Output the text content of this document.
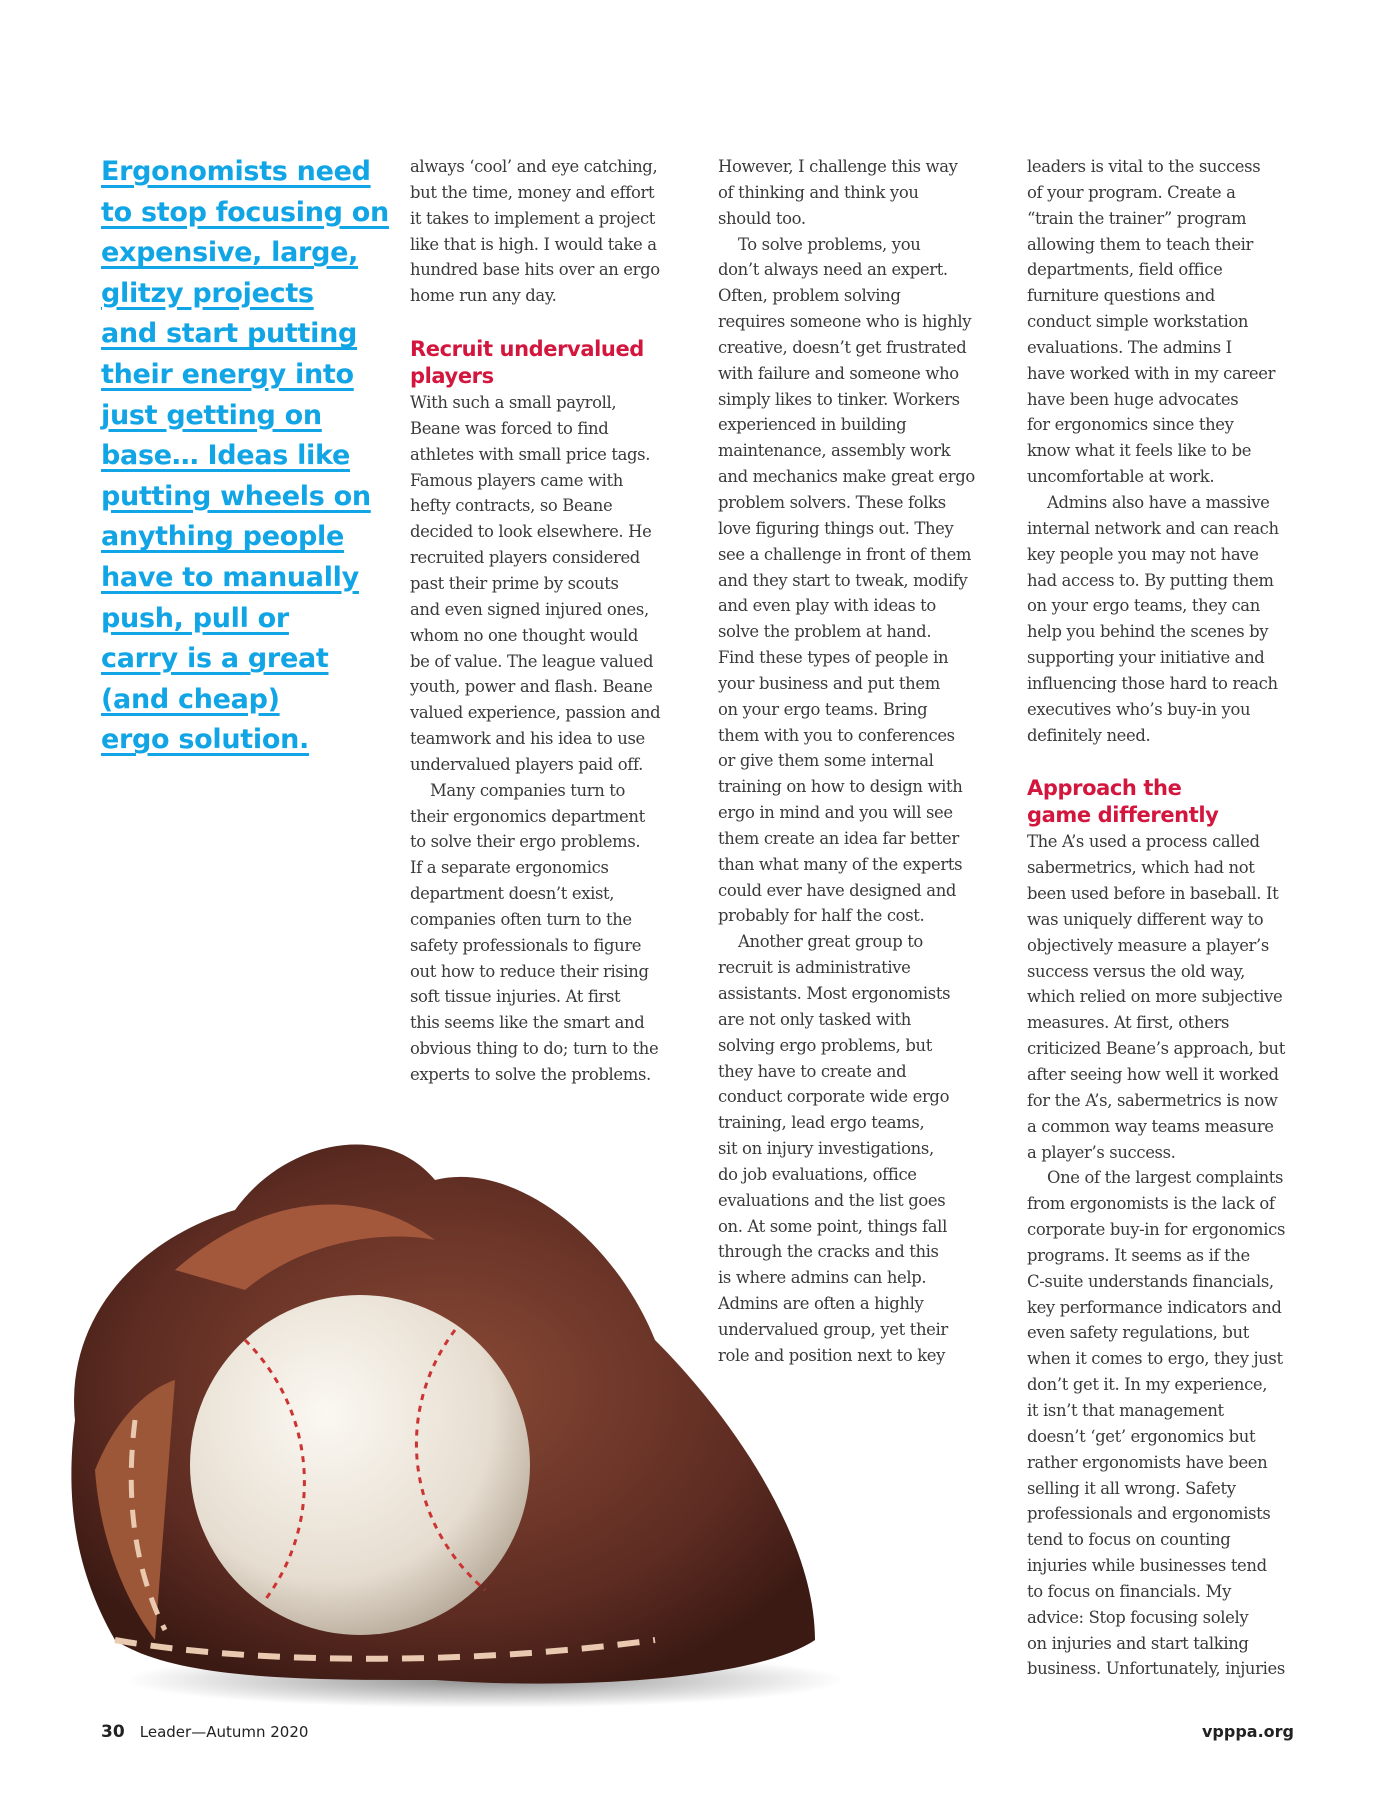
Ergonomists need
to stop focusing on
expensive, large,
glitzy projects
and start putting
their energy into
just getting on
base… Ideas like
putting wheels on
anything people
have to manually
push, pull or
carry is a great
(and cheap)
ergo solution.
always ‘cool’ and eye catching,
but the time, money and effort
it takes to implement a project
like that is high. I would take a
hundred base hits over an ergo
home run any day.
Recruit undervalued
players
With such a small payroll,
Beane was forced to find
athletes with small price tags.
Famous players came with
hefty contracts, so Beane
decided to look elsewhere. He
recruited players considered
past their prime by scouts
and even signed injured ones,
whom no one thought would
be of value. The league valued
youth, power and flash. Beane
valued experience, passion and
teamwork and his idea to use
undervalued players paid off.
Many companies turn to
their ergonomics department
to solve their ergo problems.
If a separate ergonomics
department doesn’t exist,
companies often turn to the
safety professionals to figure
out how to reduce their rising
soft tissue injuries. At first
this seems like the smart and
obvious thing to do; turn to the
experts to solve the problems.
However, I challenge this way
of thinking and think you
should too.
To solve problems, you
don’t always need an expert.
Often, problem solving
requires someone who is highly
creative, doesn’t get frustrated
with failure and someone who
simply likes to tinker. Workers
experienced in building
maintenance, assembly work
and mechanics make great ergo
problem solvers. These folks
love figuring things out. They
see a challenge in front of them
and they start to tweak, modify
and even play with ideas to
solve the problem at hand.
Find these types of people in
your business and put them
on your ergo teams. Bring
them with you to conferences
or give them some internal
training on how to design with
ergo in mind and you will see
them create an idea far better
than what many of the experts
could ever have designed and
probably for half the cost.
Another great group to
recruit is administrative
assistants. Most ergonomists
are not only tasked with
solving ergo problems, but
they have to create and
conduct corporate wide ergo
training, lead ergo teams,
sit on injury investigations,
do job evaluations, office
evaluations and the list goes
on. At some point, things fall
through the cracks and this
is where admins can help.
Admins are often a highly
undervalued group, yet their
role and position next to key
leaders is vital to the success
of your program. Create a
“train the trainer” program
allowing them to teach their
departments, field office
furniture questions and
conduct simple workstation
evaluations. The admins I
have worked with in my career
have been huge advocates
for ergonomics since they
know what it feels like to be
uncomfortable at work.
Admins also have a massive
internal network and can reach
key people you may not have
had access to. By putting them
on your ergo teams, they can
help you behind the scenes by
supporting your initiative and
influencing those hard to reach
executives who’s buy-in you
definitely need.
Approach the
game differently
The A’s used a process called
sabermetrics, which had not
been used before in baseball. It
was uniquely different way to
objectively measure a player’s
success versus the old way,
which relied on more subjective
measures. At first, others
criticized Beane’s approach, but
after seeing how well it worked
for the A’s, sabermetrics is now
a common way teams measure
a player’s success.
One of the largest complaints
from ergonomists is the lack of
corporate buy-in for ergonomics
programs. It seems as if the
C-suite understands financials,
key performance indicators and
even safety regulations, but
when it comes to ergo, they just
don’t get it. In my experience,
it isn’t that management
doesn’t ‘get’ ergonomics but
rather ergonomists have been
selling it all wrong. Safety
professionals and ergonomists
tend to focus on counting
injuries while businesses tend
to focus on financials. My
advice: Stop focusing solely
on injuries and start talking
business. Unfortunately, injuries
30 Leader—Autumn 2020	vpppa.org
